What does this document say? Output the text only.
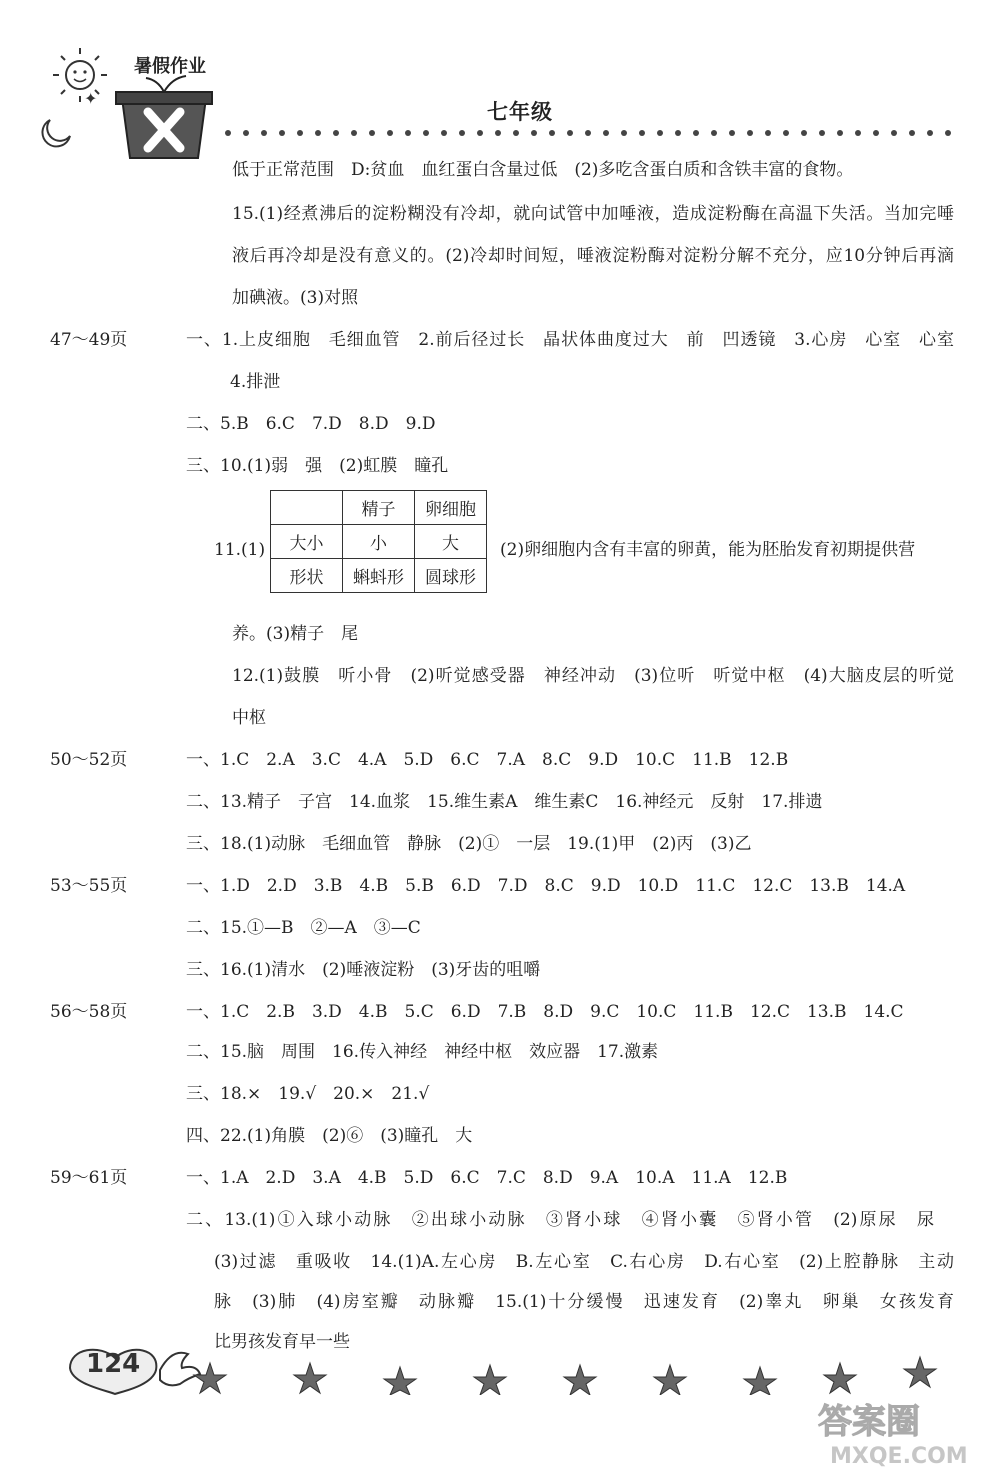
✦
暑假作业
七年级
低于正常范围　D:贫血　血红蛋白含量过低　(2)多吃含蛋白质和含铁丰富的食物。
15.(1)经煮沸后的淀粉糊没有冷却，就向试管中加唾液，造成淀粉酶在高温下失活。当加完唾
液后再冷却是没有意义的。(2)冷却时间短，唾液淀粉酶对淀粉分解不充分，应10分钟后再滴
加碘液。(3)对照
47～49页	一、1.上皮细胞　毛细血管　2.前后径过长　晶状体曲度过大　前　凹透镜　3.心房　心室　心室
4.排泄
二、5.B　6.C　7.D　8.D　9.D
三、10.(1)弱　强　(2)虹膜　瞳孔
11.(1)
	精子	卵细胞
大小	小	大
形状	蝌蚪形	圆球形
(2)卵细胞内含有丰富的卵黄，能为胚胎发育初期提供营
养。(3)精子　尾
12.(1)鼓膜　听小骨　(2)听觉感受器　神经冲动　(3)位听　听觉中枢　(4)大脑皮层的听觉
中枢
50～52页	一、1.C　2.A　3.C　4.A　5.D　6.C　7.A　8.C　9.D　10.C　11.B　12.B
二、13.精子　子宫　14.血浆　15.维生素A　维生素C　16.神经元　反射　17.排遗
三、18.(1)动脉　毛细血管　静脉　(2)①　一层　19.(1)甲　(2)丙　(3)乙
53～55页	一、1.D　2.D　3.B　4.B　5.B　6.D　7.D　8.C　9.D　10.D　11.C　12.C　13.B　14.A
二、15.①—B　②—A　③—C
三、16.(1)清水　(2)唾液淀粉　(3)牙齿的咀嚼
56～58页	一、1.C　2.B　3.D　4.B　5.C　6.D　7.B　8.D　9.C　10.C　11.B　12.C　13.B　14.C
二、15.脑　周围　16.传入神经　神经中枢　效应器　17.激素
三、18.×　19.√　20.×　21.√
四、22.(1)角膜　(2)⑥　(3)瞳孔　大
59～61页	一、1.A　2.D　3.A　4.B　5.D　6.C　7.C　8.D　9.A　10.A　11.A　12.B
二、13.(1)①入球小动脉　②出球小动脉　③肾小球　④肾小囊　⑤肾小管　(2)原尿　尿
(3)过滤　重吸收　14.(1)A.左心房　B.左心室　C.右心房　D.右心室　(2)上腔静脉　主动
脉　(3)肺　(4)房室瓣　动脉瓣　15.(1)十分缓慢　迅速发育　(2)睾丸　卵巢　女孩发育
比男孩发育早一些
124
答案圈
MXQE.COM
